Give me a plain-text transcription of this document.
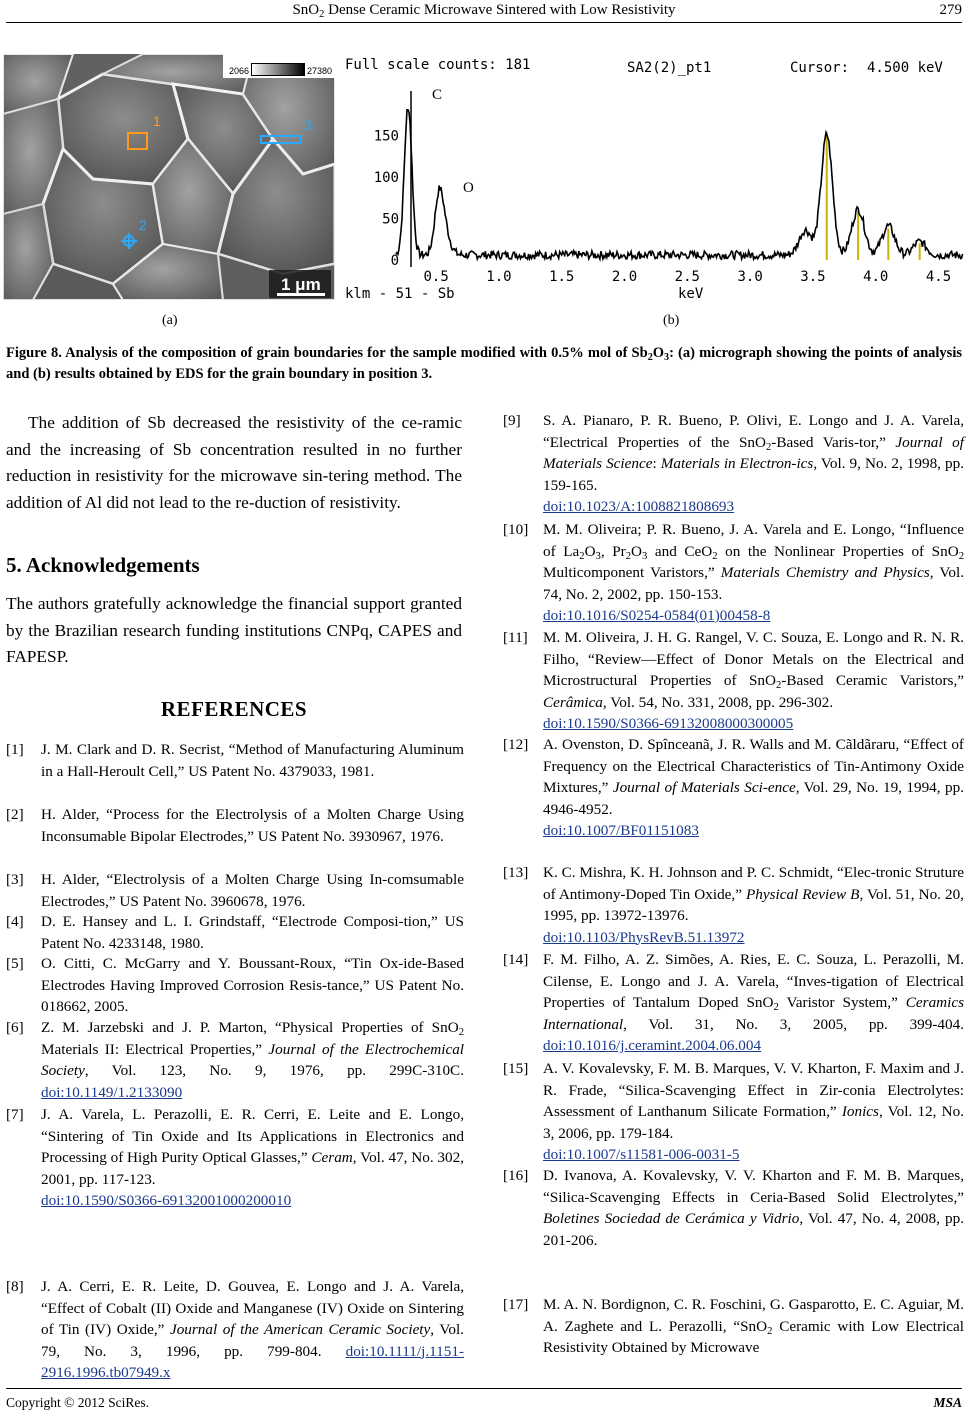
SnO$_2$ Dense Ceramic Microwave Sintered with Low Resistivity	279
1
2
3
1 μm
2066	27380 Full scale counts: 181	SA2(2)_pt1	Cursor: 4.500 keV
0
50
100
150
0.5	1.0	1.5	2.0	2.5	3.0	3.5	4.0	4.5
C
O
klm - 51 - Sb	keV
(a)	(b)
Figure 8. Analysis of the composition of grain boundaries for the sample modified with 0.5% mol of $Sb_2O_3$: (a) micrograph showing the points of analysis and (b) results obtained by EDS for the grain boundary in position 3.
The addition of Sb decreased the resistivity of the ce-ramic and the increasing of Sb concentration resulted in no further reduction in resistivity for the microwave sin-tering method. The addition of Al did not lead to the re-duction of resistivity.
5. Acknowledgements
The authors gratefully acknowledge the financial support granted by the Brazilian research funding institutions CNPq, CAPES and FAPESP.
REFERENCES
[1] J. M. Clark and D. R. Secrist, “Method of Manufacturing Aluminum in a Hall-Heroult Cell,” US Patent No. 4379033, 1981.
[2] H. Alder, “Process for the Electrolysis of a Molten Charge Using Inconsumable Bipolar Electrodes,” US Patent No. 3930967, 1976.
[3] H. Alder, “Electrolysis of a Molten Charge Using In-comsumable Electrodes,” US Patent No. 3960678, 1976.
[4] D. E. Hansey and L. I. Grindstaff, “Electrode Composi-tion,” US Patent No. 4233148, 1980.
[5] O. Citti, C. McGarry and Y. Boussant-Roux, “Tin Ox-ide-Based Electrodes Having Improved Corrosion Resis-tance,” US Patent No. 018662, 2005.
[6] Z. M. Jarzebski and J. P. Marton, “Physical Properties of SnO$_2$ Materials II: Electrical Properties,” Journal of the Electrochemical Society, Vol. 123, No. 9, 1976, pp. 299C-310C. doi:10.1149/1.2133090
[7] J. A. Varela, L. Perazolli, E. R. Cerri, E. Leite and E. Longo, “Sintering of Tin Oxide and Its Applications in Electronics and Processing of High Purity Optical Glasses,” Ceram, Vol. 47, No. 302, 2001, pp. 117-123.
doi:10.1590/S0366-69132001000200010
[8] J. A. Cerri, E. R. Leite, D. Gouvea, E. Longo and J. A. Varela, “Effect of Cobalt (II) Oxide and Manganese (IV) Oxide on Sintering of Tin (IV) Oxide,” Journal of the American Ceramic Society, Vol. 79, No. 3, 1996, pp. 799-804. doi:10.1111/j.1151-2916.1996.tb07949.x
[9] S. A. Pianaro, P. R. Bueno, P. Olivi, E. Longo and J. A. Varela, “Electrical Properties of the SnO$_2$-Based Varis-tor,” Journal of Materials Science: Materials in Electron-ics, Vol. 9, No. 2, 1998, pp. 159-165.
doi:10.1023/A:1008821808693
[10] M. M. Oliveira; P. R. Bueno, J. A. Varela and E. Longo, “Influence of $La_2O_3$, $Pr_2O_3$ and CeO$_2$ on the Nonlinear Properties of SnO$_2$ Multicomponent Varistors,” Materials Chemistry and Physics, Vol. 74, No. 2, 2002, pp. 150-153.
doi:10.1016/S0254-0584(01)00458-8
[11] M. M. Oliveira, J. H. G. Rangel, V. C. Souza, E. Longo and R. N. R. Filho, “Review—Effect of Donor Metals on the Electrical and Microstructural Properties of SnO$_2$-Based Ceramic Varistors,” Cerâmica, Vol. 54, No. 331, 2008, pp. 296-302.
doi:10.1590/S0366-69132008000300005
[12] A. Ovenston, D. Spînceanã, J. R. Walls and M. Cãldãraru, “Effect of Frequency on the Electrical Characteristics of Tin-Antimony Oxide Mixtures,” Journal of Materials Sci-ence, Vol. 29, No. 19, 1994, pp. 4946-4952.
doi:10.1007/BF01151083
[13] K. C. Mishra, K. H. Johnson and P. C. Schmidt, “Elec-tronic Struture of Antimony-Doped Tin Oxide,” Physical Review B, Vol. 51, No. 20, 1995, pp. 13972-13976.
doi:10.1103/PhysRevB.51.13972
[14] F. M. Filho, A. Z. Simões, A. Ries, E. C. Souza, L. Perazolli, M. Cilense, E. Longo and J. A. Varela, “Inves-tigation of Electrical Properties of Tantalum Doped SnO$_2$ Varistor System,” Ceramics International, Vol. 31, No. 3, 2005, pp. 399-404. doi:10.1016/j.ceramint.2004.06.004
[15] A. V. Kovalevsky, F. M. B. Marques, V. V. Kharton, F. Maxim and J. R. Frade, “Silica-Scavenging Effect in Zir-conia Electrolytes: Assessment of Lanthanum Silicate Formation,” Ionics, Vol. 12, No. 3, 2006, pp. 179-184.
doi:10.1007/s11581-006-0031-5
[16] D. Ivanova, A. Kovalevsky, V. V. Kharton and F. M. B. Marques, “Silica-Scavenging Effects in Ceria-Based Solid Electrolytes,” Boletines Sociedad de Cerámica y Vidrio, Vol. 47, No. 4, 2008, pp. 201-206.
[17] M. A. N. Bordignon, C. R. Foschini, G. Gasparotto, E. C. Aguiar, M. A. Zaghete and L. Perazolli, “SnO$_2$ Ceramic with Low Electrical Resistivity Obtained by Microwave
Copyright © 2012 SciRes.	MSA
